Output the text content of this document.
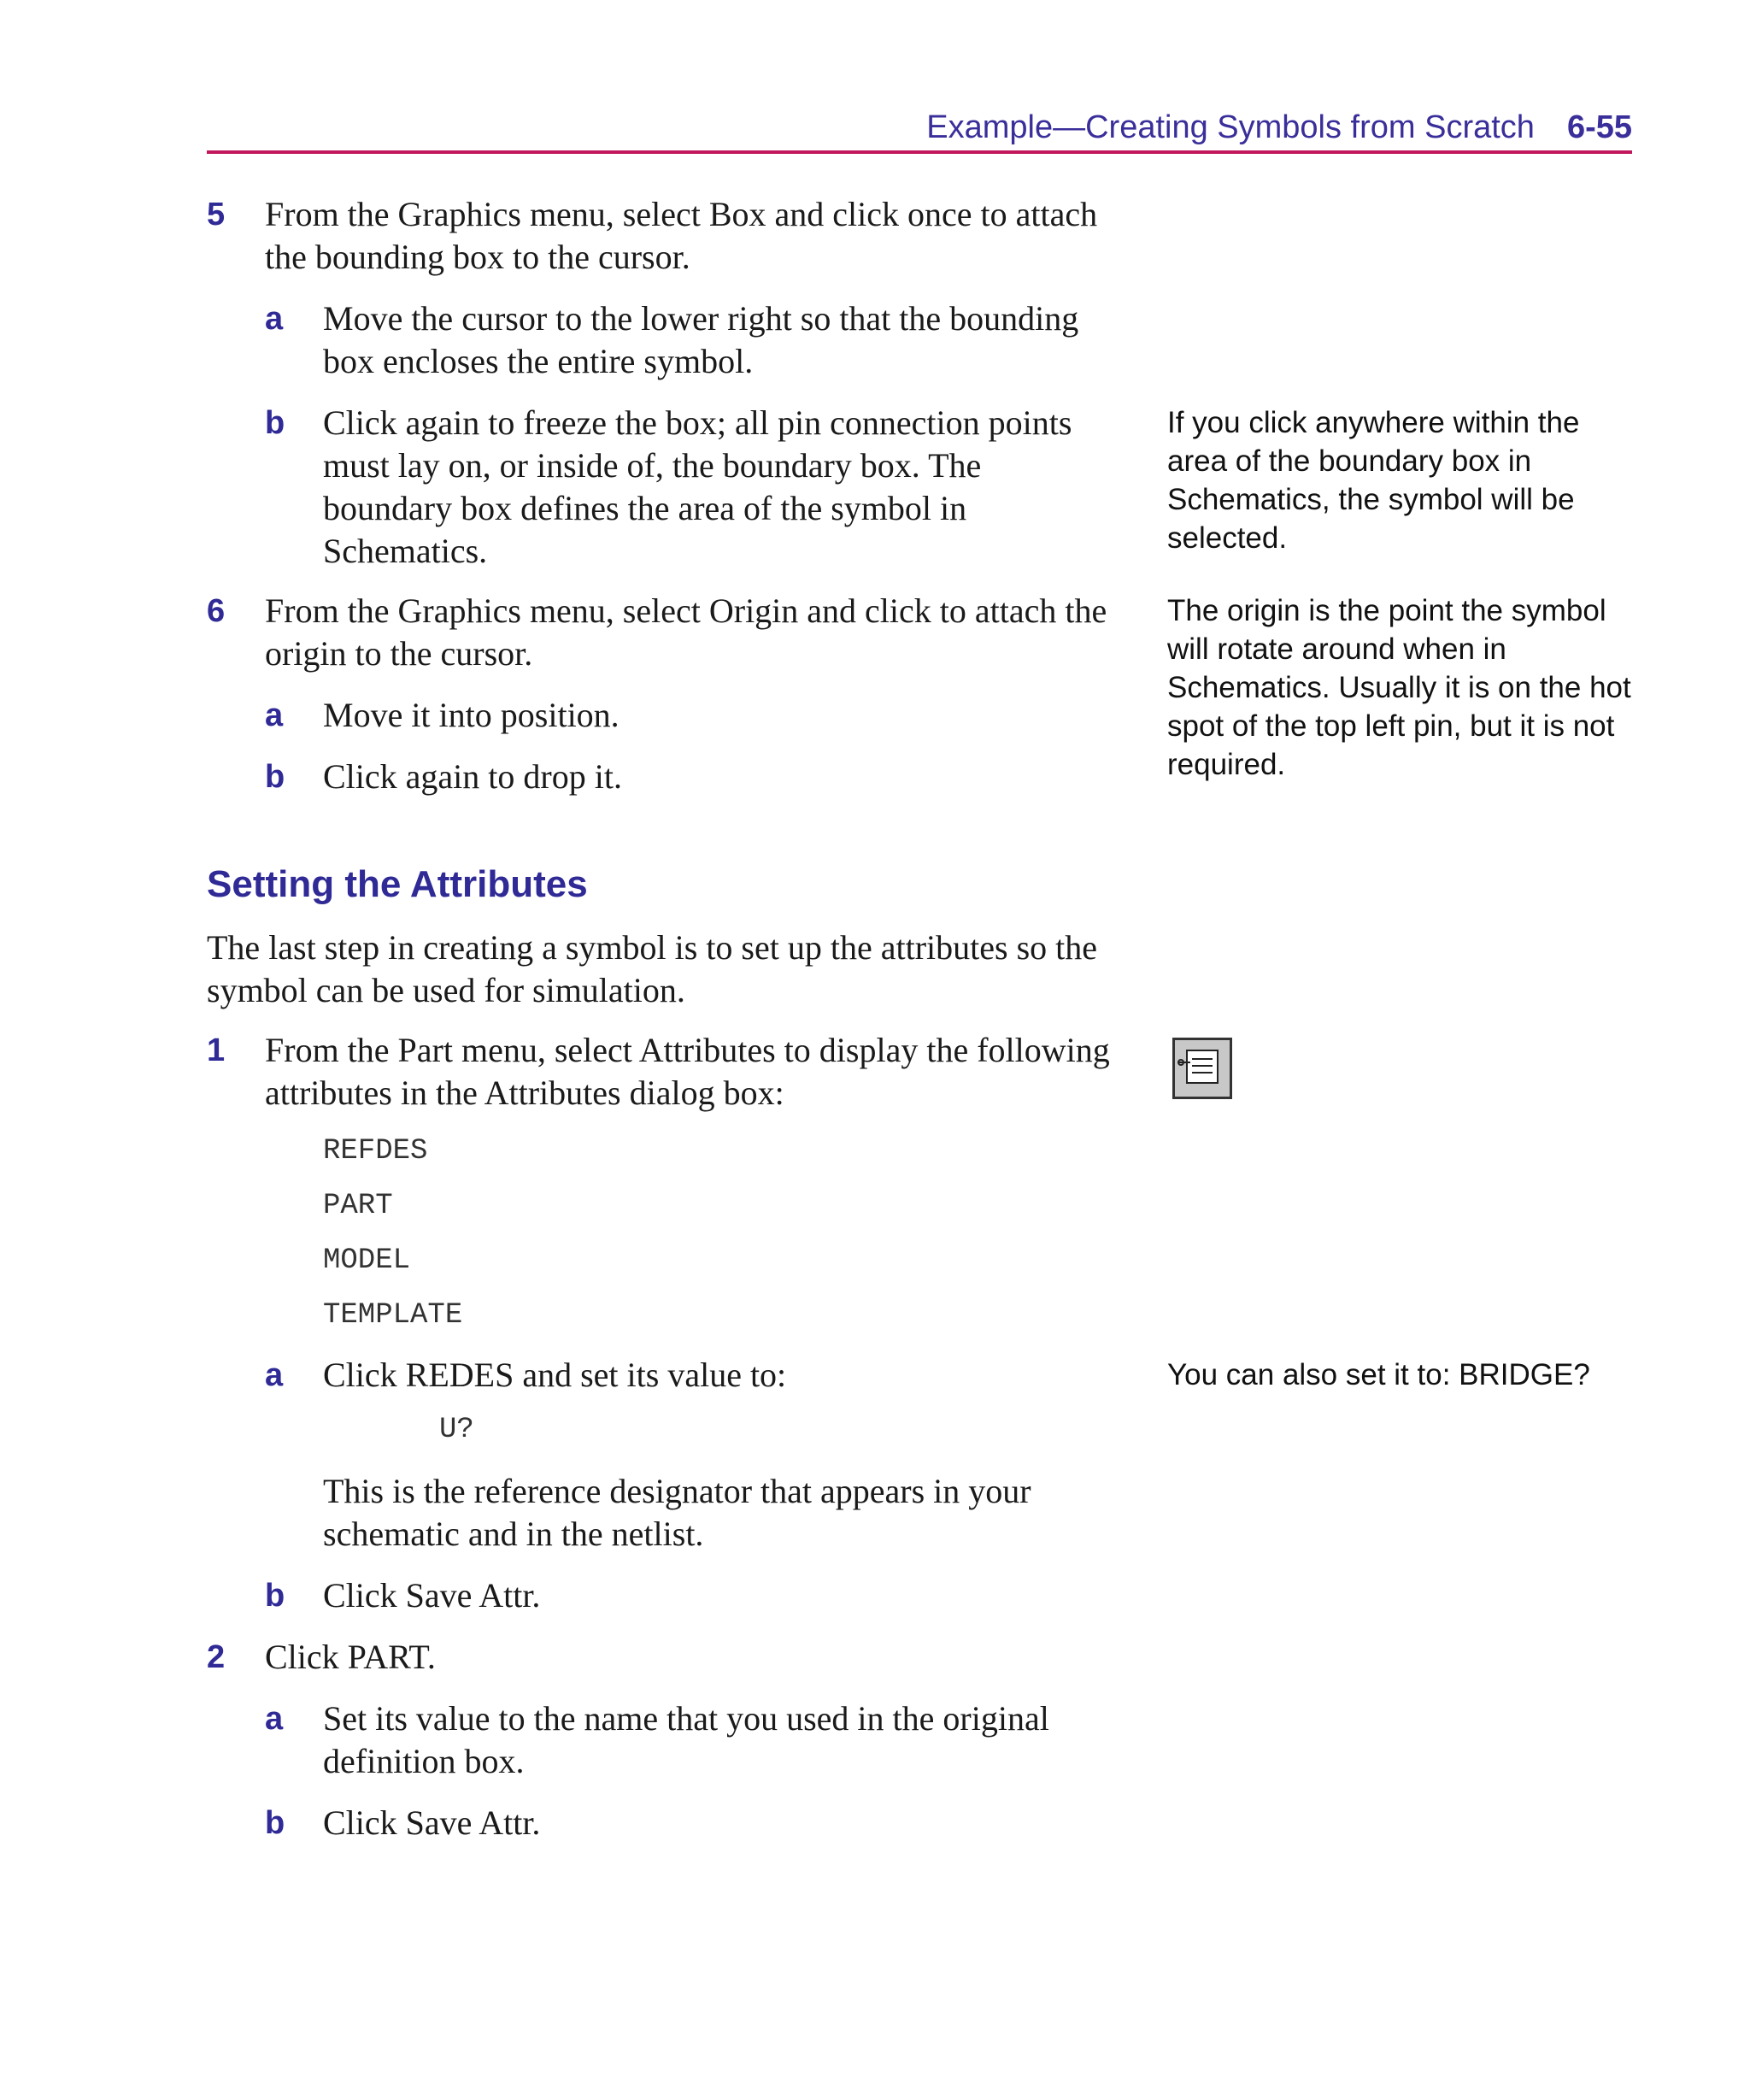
Example—Creating Symbols from Scratch 6-55
5 From the Graphics menu, select Box and click once to attach the bounding box to the cursor.
a Move the cursor to the lower right so that the bounding box encloses the entire symbol.
b Click again to freeze the box; all pin connection points must lay on, or inside of, the boundary box. The boundary box defines the area of the symbol in Schematics.
6 From the Graphics menu, select Origin and click to attach the origin to the cursor.
a Move it into position.
b Click again to drop it.
Setting the Attributes
The last step in creating a symbol is to set up the attributes so the symbol can be used for simulation.
1 From the Part menu, select Attributes to display the following attributes in the Attributes dialog box:
REFDES
PART
MODEL
TEMPLATE
a Click REDES and set its value to:
U?
This is the reference designator that appears in your schematic and in the netlist.
b Click Save Attr.
2 Click PART.
a Set its value to the name that you used in the original definition box.
b Click Save Attr.
If you click anywhere within the area of the boundary box in Schematics, the symbol will be selected.
The origin is the point the symbol will rotate around when in Schematics. Usually it is on the hot spot of the top left pin, but it is not required.
You can also set it to: BRIDGE?
